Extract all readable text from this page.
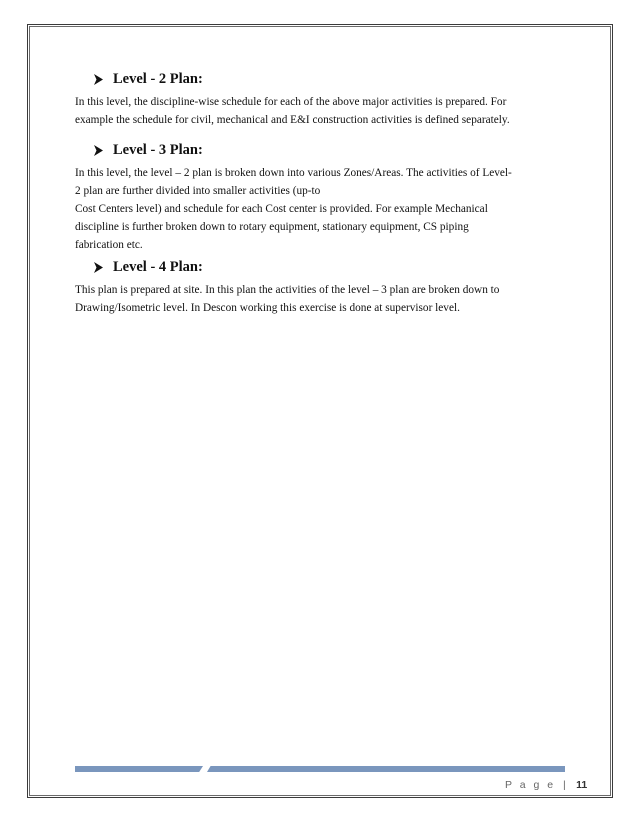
Level - 2 Plan:
In this level, the discipline-wise schedule for each of the above major activities is prepared. For
example the schedule for civil, mechanical and E&I construction activities is defined separately.
Level - 3 Plan:
In this level, the level – 2 plan is broken down into various Zones/Areas. The activities of Level-
2 plan are further divided into smaller activities (up-to
Cost Centers level) and schedule for each Cost center is provided. For example Mechanical
discipline is further broken down to rotary equipment, stationary equipment, CS piping
fabrication etc.
Level - 4 Plan:
This plan is prepared at site. In this plan the activities of the level – 3 plan are broken down to
Drawing/Isometric level. In Descon working this exercise is done at supervisor level.
P a g e | 11
